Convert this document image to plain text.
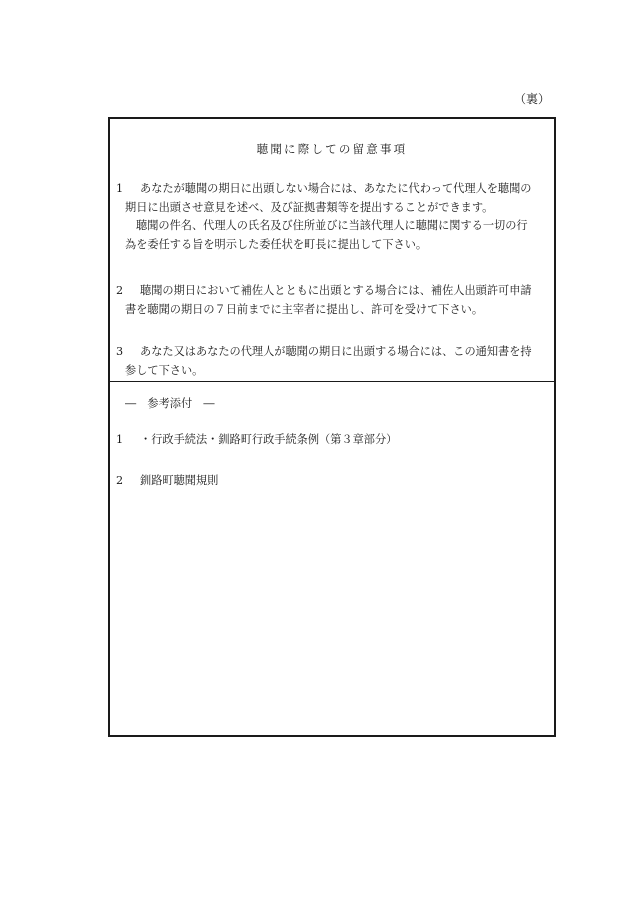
（裏）
聴聞に際しての留意事項
1 あなたが聴聞の期日に出頭しない場合には、あなたに代わって代理人を聴聞の
期日に出頭させ意見を述べ、及び証拠書類等を提出することができます。
聴聞の件名、代理人の氏名及び住所並びに当該代理人に聴聞に関する一切の行
為を委任する旨を明示した委任状を町長に提出して下さい。
2 聴聞の期日において補佐人とともに出頭とする場合には、補佐人出頭許可申請
書を聴聞の期日の７日前までに主宰者に提出し、許可を受けて下さい。
3 あなた又はあなたの代理人が聴聞の期日に出頭する場合には、この通知書を持
参して下さい。
―　参考添付　―
1 ・行政手続法・釧路町行政手続条例（第３章部分）
2 釧路町聴聞規則
